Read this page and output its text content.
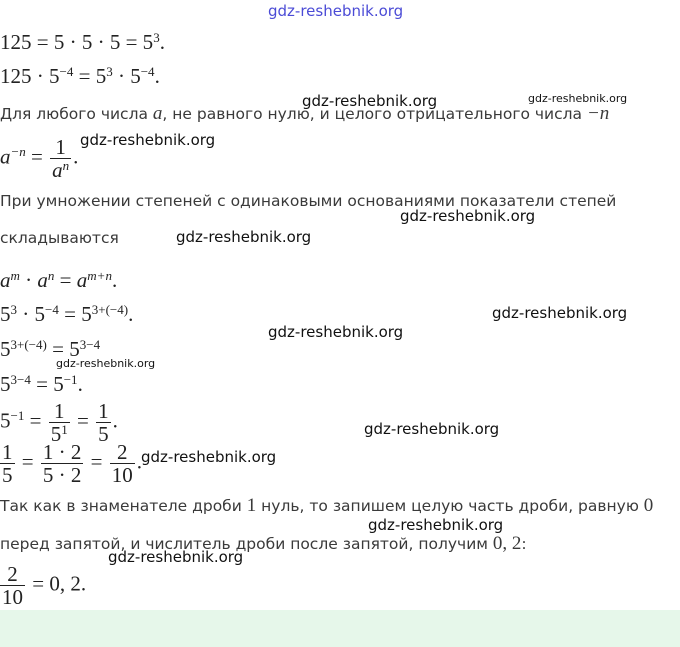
gdz-reshebnik.org
$125 = 5 \cdot 5 \cdot 5 = 5^3$.
$125 \cdot 5^{-4} = 5^3 \cdot 5^{-4}$.
Для любого числа a, не равного нулю, и целого отрицательного числа −n
$a^{-n} = \frac{1}{a^n}$ .
При умножении степеней с одинаковыми основаниями показатели степей
складываются
$a^m \cdot a^n = a^{m+n}$.
$5^3 \cdot 5^{-4} = 5^{3+(-4)}$.
$5^{3+(-4)} = 5^{3-4}$
$5^{3-4} = 5^{-1}$.
$5^{-1} = \frac{1}{5^1} = \frac{1}{5}$ .
$\frac{1}{5} = \frac{1 \cdot 2}{5 \cdot 2} = \frac{2}{10}$ .
Так как в знаменателе дроби 1 нуль, то запишем целую часть дроби, равную 0
перед запятой, и числитель дроби после запятой, получим 0, 2:
$\frac{2}{10} = 0$, 2.
gdz-reshebnik.org	gdz-reshebnik.org
gdz-reshebnik.org
gdz-reshebnik.org
gdz-reshebnik.org
gdz-reshebnik.org
gdz-reshebnik.org
gdz-reshebnik.org
gdz-reshebnik.org
gdz-reshebnik.org
gdz-reshebnik.org
gdz-reshebnik.org
